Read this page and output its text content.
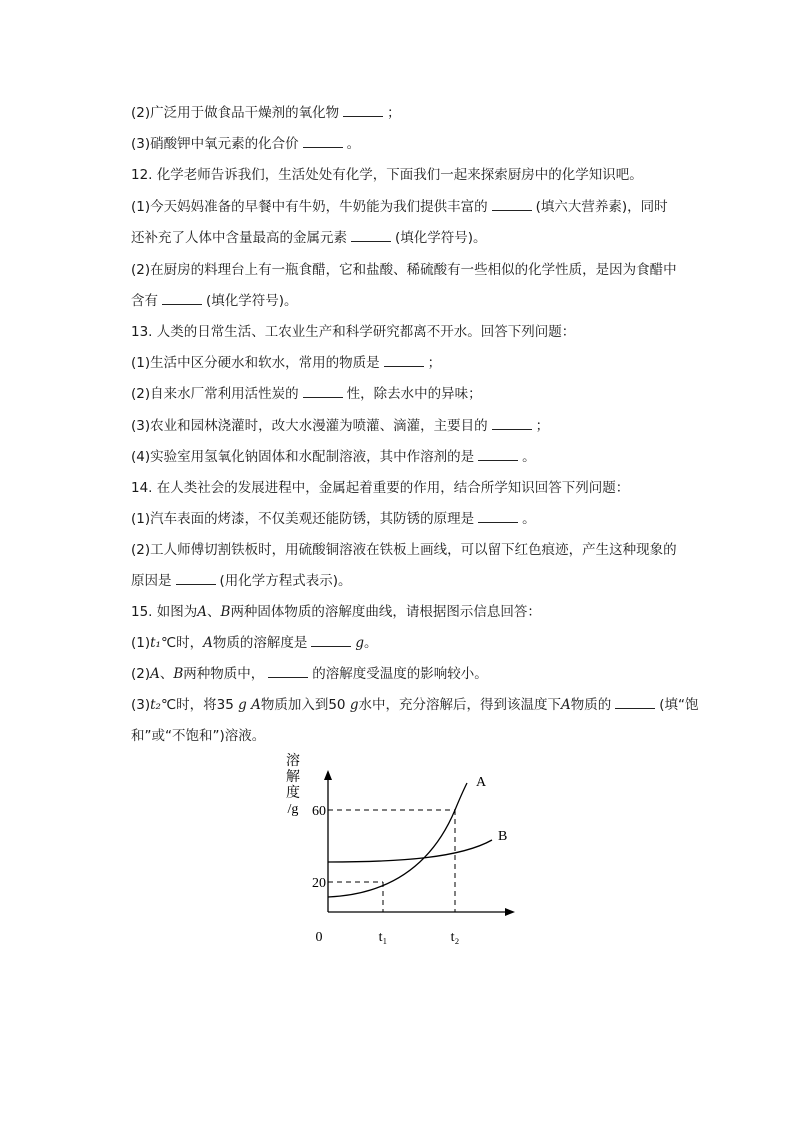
(2)广泛用于做食品干燥剂的氧化物	；
(3)硝酸钾中氧元素的化合价	。
12. 化学老师告诉我们，生活处处有化学，下面我们一起来探索厨房中的化学知识吧。
(1)今天妈妈准备的早餐中有牛奶，牛奶能为我们提供丰富的	(填六大营养素)，同时
还补充了人体中含量最高的金属元素	(填化学符号)。
(2)在厨房的料理台上有一瓶食醋，它和盐酸、稀硫酸有一些相似的化学性质，是因为食醋中
含有	(填化学符号)。
13. 人类的日常生活、工农业生产和科学研究都离不开水。回答下列问题：
(1)生活中区分硬水和软水，常用的物质是	；
(2)自来水厂常利用活性炭的	性，除去水中的异味；
(3)农业和园林浇灌时，改大水漫灌为喷灌、滴灌，主要目的	；
(4)实验室用氢氧化钠固体和水配制溶液，其中作溶剂的是	。
14. 在人类社会的发展进程中，金属起着重要的作用，结合所学知识回答下列问题：
(1)汽车表面的烤漆，不仅美观还能防锈，其防锈的原理是	。
(2)工人师傅切割铁板时，用硫酸铜溶液在铁板上画线，可以留下红色痕迹，产生这种现象的
原因是	(用化学方程式表示)。
15. 如图为A、B两种固体物质的溶解度曲线，请根据图示信息回答：
(1)t₁℃时，A物质的溶解度是	g。
(2)A、B两种物质中，	的溶解度受温度的影响较小。
(3)t₂℃时，将35 g A物质加入到50 g水中，充分溶解后，得到该温度下A物质的	(填“饱
和”或“不饱和”)溶液。
溶
解
度
/g
0	t₁	t₂
20
60
A
B
